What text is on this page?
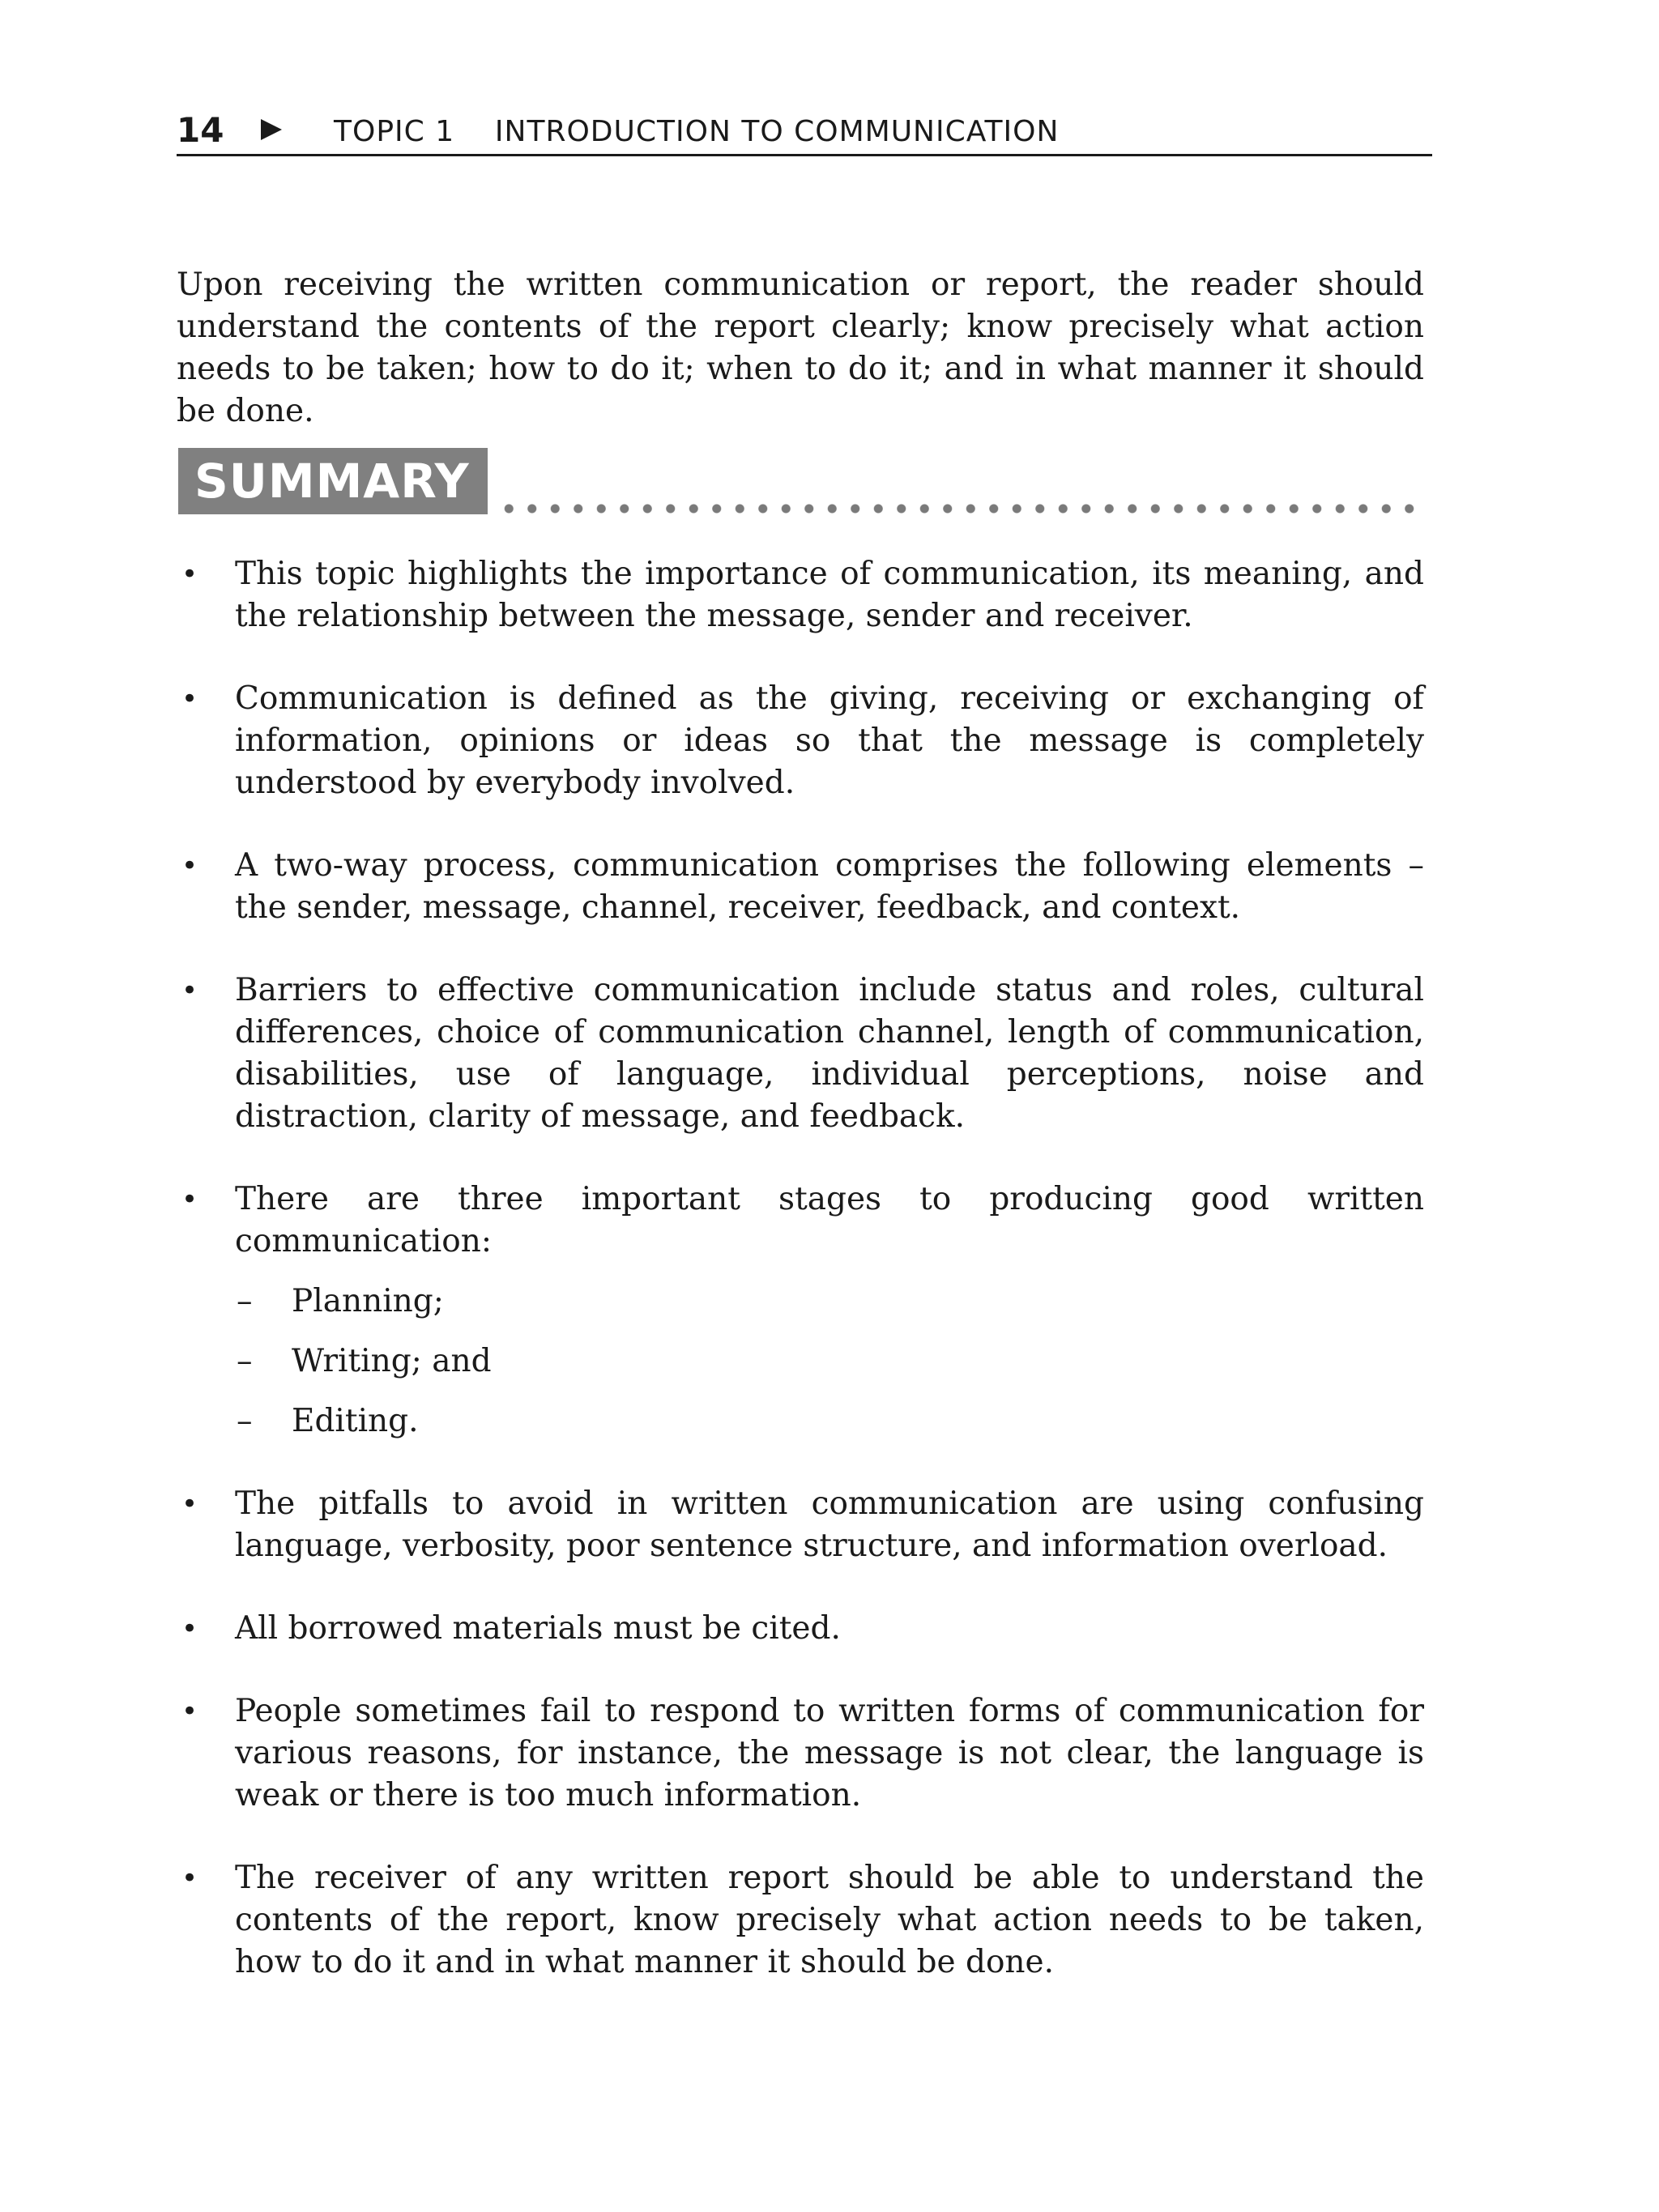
14	TOPIC 1 INTRODUCTION TO COMMUNICATION

Upon receiving the written communication or report, the reader should understand the contents of the report clearly; know precisely what action needs to be taken; how to do it; when to do it; and in what manner it should be done.

SUMMARY
• This topic highlights the importance of communication, its meaning, and the relationship between the message, sender and receiver.
• Communication is defined as the giving, receiving or exchanging of information, opinions or ideas so that the message is completely understood by everybody involved.
• A two-way process, communication comprises the following elements – the sender, message, channel, receiver, feedback, and context.
• Barriers to effective communication include status and roles, cultural differences, choice of communication channel, length of communication, disabilities, use of language, individual perceptions, noise and distraction, clarity of message, and feedback.
• There are three important stages to producing good written communication:
– Planning;
– Writing; and
– Editing.
• The pitfalls to avoid in written communication are using confusing language, verbosity, poor sentence structure, and information overload.
• All borrowed materials must be cited.
• People sometimes fail to respond to written forms of communication for various reasons, for instance, the message is not clear, the language is weak or there is too much information.
• The receiver of any written report should be able to understand the contents of the report, know precisely what action needs to be taken, how to do it and in what manner it should be done.
